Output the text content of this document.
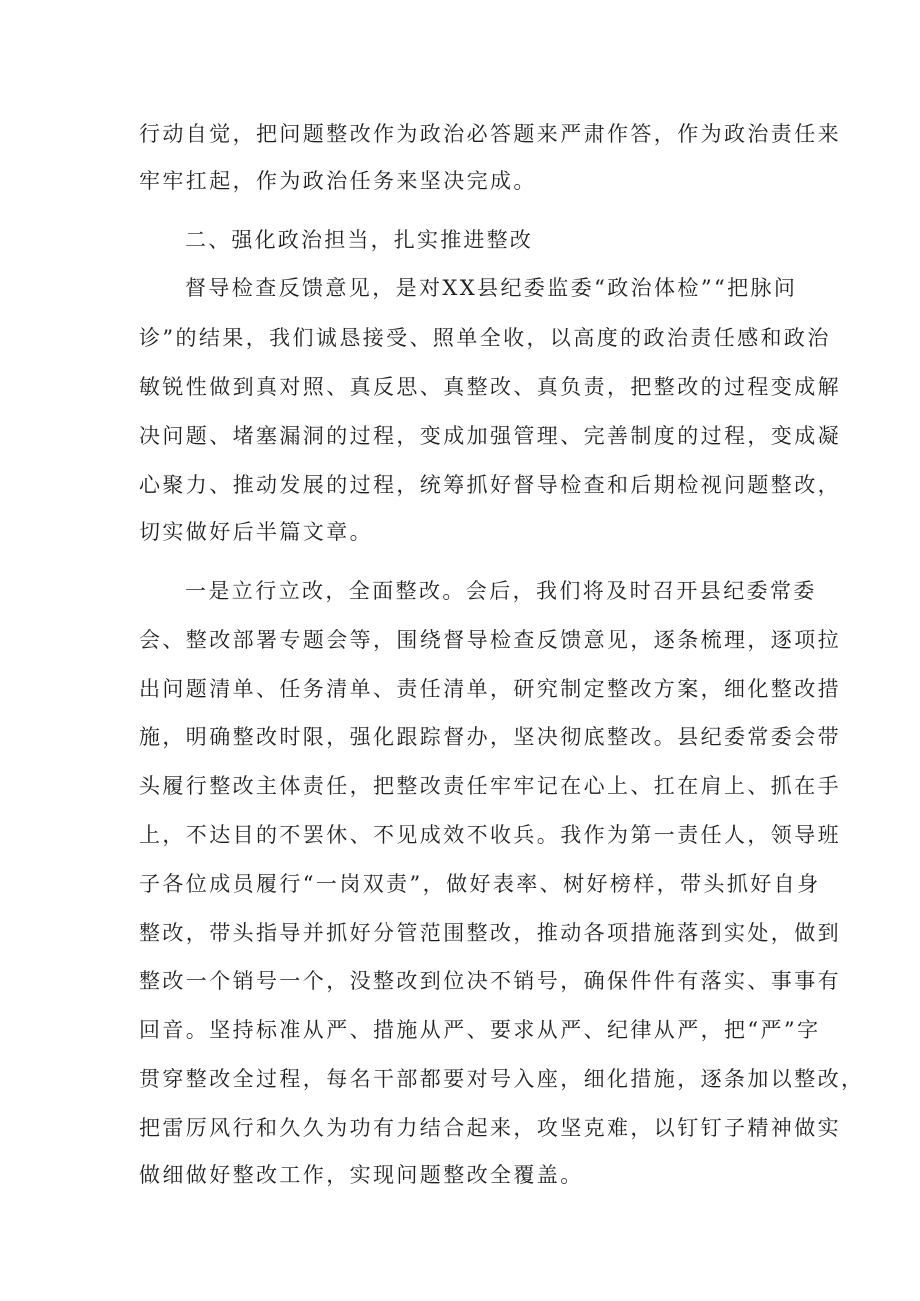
行动自觉，把问题整改作为政治必答题来严肃作答，作为政治责任来
牢牢扛起，作为政治任务来坚决完成。
二、强化政治担当，扎实推进整改
督导检查反馈意见，是对XX县纪委监委“政治体检”“把脉问
诊”的结果，我们诚恳接受、照单全收，以高度的政治责任感和政治
敏锐性做到真对照、真反思、真整改、真负责，把整改的过程变成解
决问题、堵塞漏洞的过程，变成加强管理、完善制度的过程，变成凝
心聚力、推动发展的过程，统筹抓好督导检查和后期检视问题整改，
切实做好后半篇文章。
一是立行立改，全面整改。会后，我们将及时召开县纪委常委
会、整改部署专题会等，围绕督导检查反馈意见，逐条梳理，逐项拉
出问题清单、任务清单、责任清单，研究制定整改方案，细化整改措
施，明确整改时限，强化跟踪督办，坚决彻底整改。县纪委常委会带
头履行整改主体责任，把整改责任牢牢记在心上、扛在肩上、抓在手
上，不达目的不罢休、不见成效不收兵。我作为第一责任人，领导班
子各位成员履行“一岗双责”，做好表率、树好榜样，带头抓好自身
整改，带头指导并抓好分管范围整改，推动各项措施落到实处，做到
整改一个销号一个，没整改到位决不销号，确保件件有落实、事事有
回音。坚持标准从严、措施从严、要求从严、纪律从严，把“严”字
贯穿整改全过程，每名干部都要对号入座，细化措施，逐条加以整改，
把雷厉风行和久久为功有力结合起来，攻坚克难，以钉钉子精神做实
做细做好整改工作，实现问题整改全覆盖。
